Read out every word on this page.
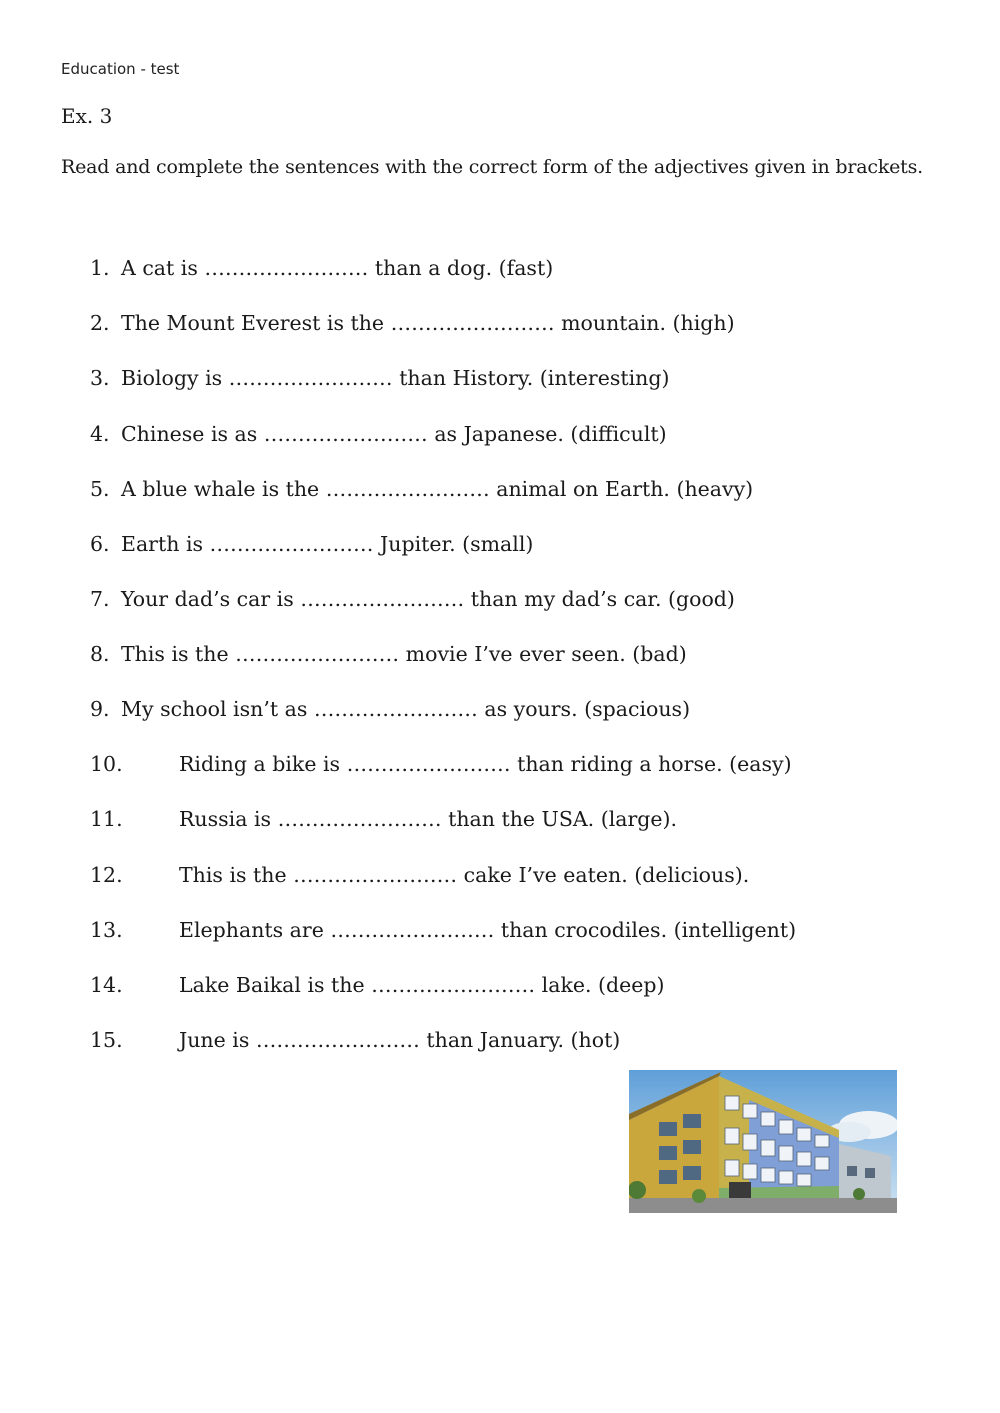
Education - test
Ex. 3
Read and complete the sentences with the correct form of the adjectives given in brackets.
1. A cat is …………………… than a dog. (fast)
2. The Mount Everest is the …………………… mountain. (high)
3. Biology is …………………… than History. (interesting)
4. Chinese is as …………………… as Japanese. (difficult)
5. A blue whale is the …………………… animal on Earth. (heavy)
6. Earth is …………………… Jupiter. (small)
7. Your dad’s car is …………………… than my dad’s car. (good)
8. This is the …………………… movie I’ve ever seen. (bad)
9. My school isn’t as …………………… as yours. (spacious)
10.	Riding a bike is …………………… than riding a horse. (easy)
11.	Russia is …………………… than the USA. (large).
12.	This is the …………………… cake I’ve eaten. (delicious).
13.	Elephants are …………………… than crocodiles. (intelligent)
14.	Lake Baikal is the …………………… lake. (deep)
15.	June is …………………… than January. (hot)
